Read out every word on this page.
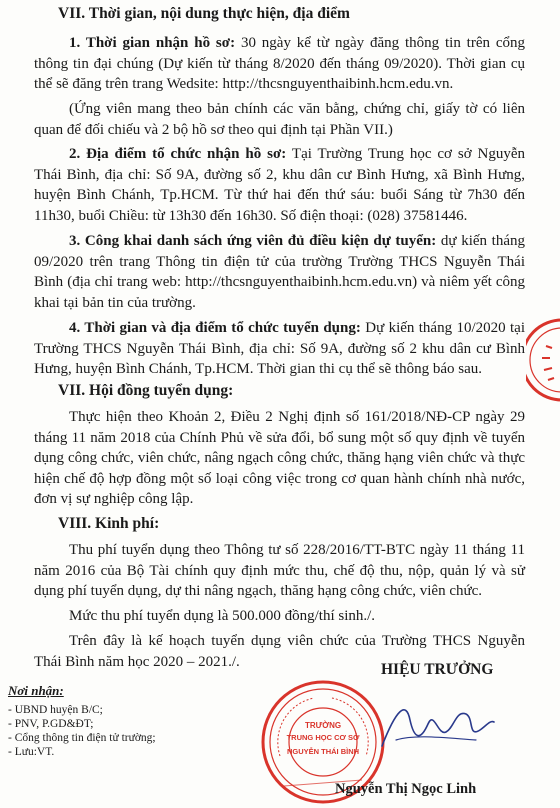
VII. Thời gian, nội dung thực hiện, địa điểm
1. Thời gian nhận hồ sơ: 30 ngày kể từ ngày đăng thông tin trên cổng
thông tin đại chúng (Dự kiến từ tháng 8/2020 đến tháng 09/2020). Thời gian cụ
thể sẽ đăng trên trang Wedsite: http://thcsnguyenthaibinh.hcm.edu.vn.
(Ứng viên mang theo bản chính các văn bằng, chứng chỉ, giấy tờ có liên
quan để đối chiếu và 2 bộ hồ sơ theo qui định tại Phần VII.)
2. Địa điểm tổ chức nhận hồ sơ: Tại Trường Trung học cơ sở Nguyễn
Thái Bình, địa chỉ: Số 9A, đường số 2, khu dân cư Bình Hưng, xã Bình Hưng,
huyện Bình Chánh, Tp.HCM. Từ thứ hai đến thứ sáu: buổi Sáng từ 7h30 đến
11h30, buổi Chiều: từ 13h30 đến 16h30. Số điện thoại: (028) 37581446.
3. Công khai danh sách ứng viên đủ điều kiện dự tuyển: dự kiến tháng
09/2020 trên trang Thông tin điện tử của trường Trường THCS Nguyễn Thái
Bình (địa chỉ trang web: http://thcsnguyenthaibinh.hcm.edu.vn) và niêm yết công
khai tại bản tin của trường.
4. Thời gian và địa điểm tổ chức tuyển dụng: Dự kiến tháng 10/2020 tại
Trường THCS Nguyễn Thái Bình, địa chỉ: Số 9A, đường số 2 khu dân cư Bình
Hưng, huyện Bình Chánh, Tp.HCM. Thời gian thi cụ thể sẽ thông báo sau.
VII. Hội đồng tuyển dụng:
Thực hiện theo Khoản 2, Điều 2 Nghị định số 161/2018/NĐ-CP ngày 29
tháng 11 năm 2018 của Chính Phủ về sửa đổi, bổ sung một số quy định về tuyển
dụng công chức, viên chức, nâng ngạch công chức, thăng hạng viên chức và thực
hiện chế độ hợp đồng một số loại công việc trong cơ quan hành chính nhà nước,
đơn vị sự nghiệp công lập.
VIII. Kinh phí:
Thu phí tuyển dụng theo Thông tư số 228/2016/TT-BTC ngày 11 tháng 11
năm 2016 của Bộ Tài chính quy định mức thu, chế độ thu, nộp, quản lý và sử
dụng phí tuyển dụng, dự thi nâng ngạch, thăng hạng công chức, viên chức.
Mức thu phí tuyển dụng là 500.000 đồng/thí sinh./.
Trên đây là kế hoạch tuyển dụng viên chức của Trường THCS Nguyễn
Thái Bình năm học 2020 – 2021./.
Nơi nhận:
- UBND huyện B/C;
- PNV, P.GD&ĐT;
- Cổng thông tin điện tử trường;
- Lưu:VT.
HIỆU TRƯỞNG
TRƯỜNG
TRUNG HỌC CƠ SỞ
NGUYỄN THÁI BÌNH
Nguyễn Thị Ngọc Linh
